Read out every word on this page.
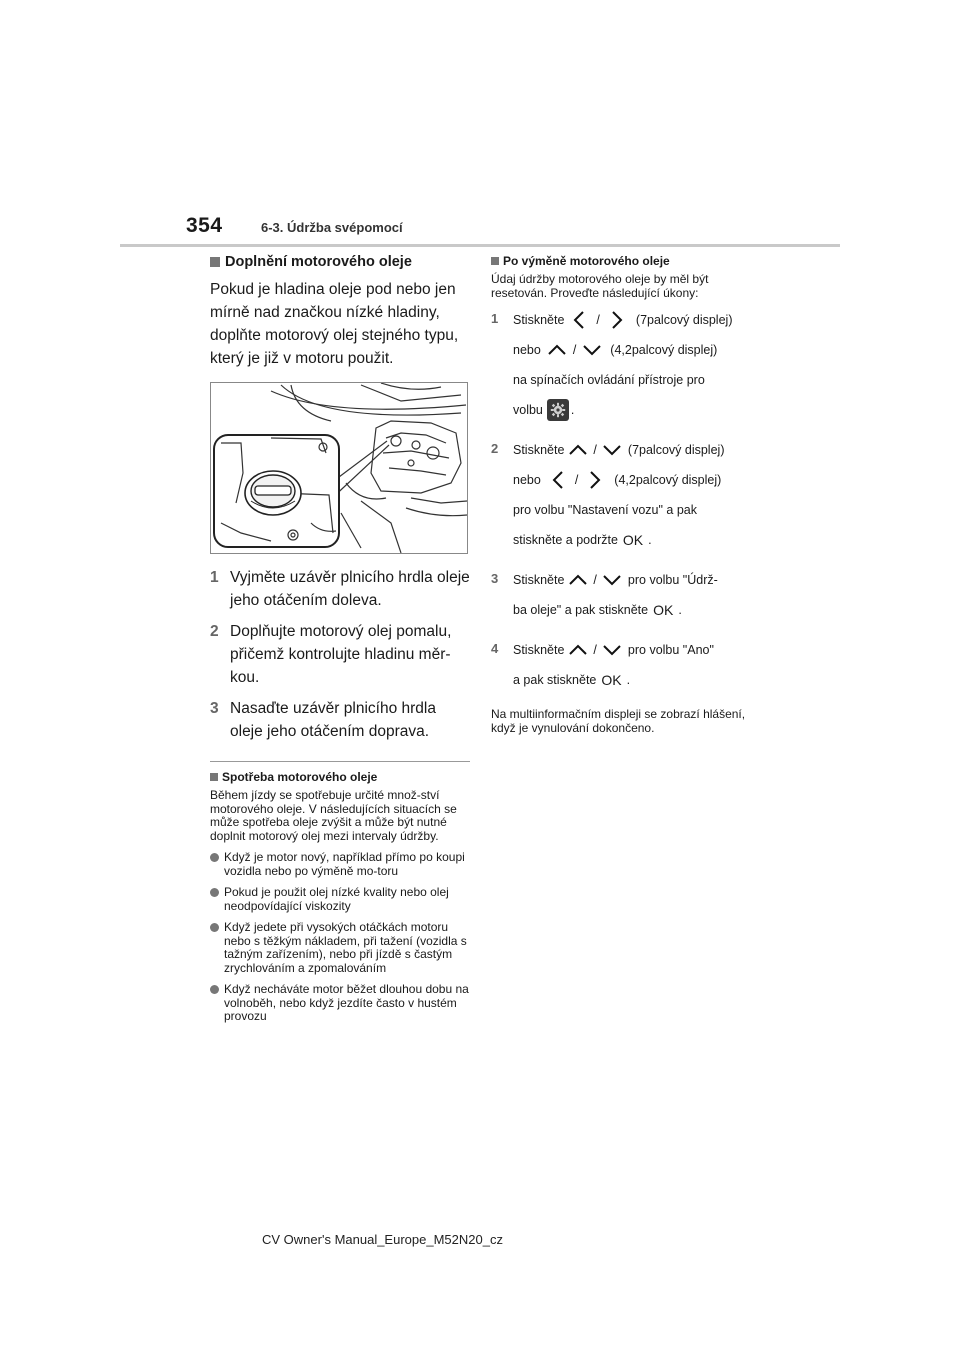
354	6-3. Údržba svépomocí
Doplnění motorového oleje

Pokud je hladina oleje pod nebo jen mírně nad značkou nízké hladiny, doplňte motorový olej stejného typu, který je již v motoru použit.

1 Vyjměte uzávěr plnicího hrdla oleje jeho otáčením doleva.
2 Doplňujte motorový olej pomalu, přičemž kontrolujte hladinu měr-kou.
3 Nasaďte uzávěr plnicího hrdla oleje jeho otáčením doprava.
Spotřeba motorového oleje

Během jízdy se spotřebuje určité množ-ství motorového oleje. V následujících situacích se může spotřeba oleje zvýšit a může být nutné doplnit motorový olej mezi intervaly údržby.

Když je motor nový, například přímo po koupi vozidla nebo po výměně mo-toru
Pokud je použit olej nízké kvality nebo olej neodpovídající viskozity
Když jedete při vysokých otáčkách motoru nebo s těžkým nákladem, při tažení (vozidla s tažným zařízením), nebo při jízdě s častým zrychlováním a zpomalováním
Když necháváte motor běžet dlouhou dobu na volnoběh, nebo když jezdíte často v hustém provozu
Po výměně motorového oleje

Údaj údržby motorového oleje by měl být resetován. Proveďte následující úkony:

1	Stiskněte	/	(7palcový displej)
nebo	/	(4,2palcový displej)
na spínačích ovládání přístroje pro
volbu .
2	Stiskněte / (7palcový displej)
nebo	/	(4,2palcový displej)
pro volbu "Nastavení vozu" a pak
stiskněte a podržte OK .
3	Stiskněte / pro volbu "Údrž-
ba oleje" a pak stiskněte OK .
4	Stiskněte / pro volbu "Ano"
a pak stiskněte OK .

Na multiinformačním displeji se zobrazí hlášení, když je vynulování dokončeno.

CV Owner's Manual_Europe_M52N20_cz
